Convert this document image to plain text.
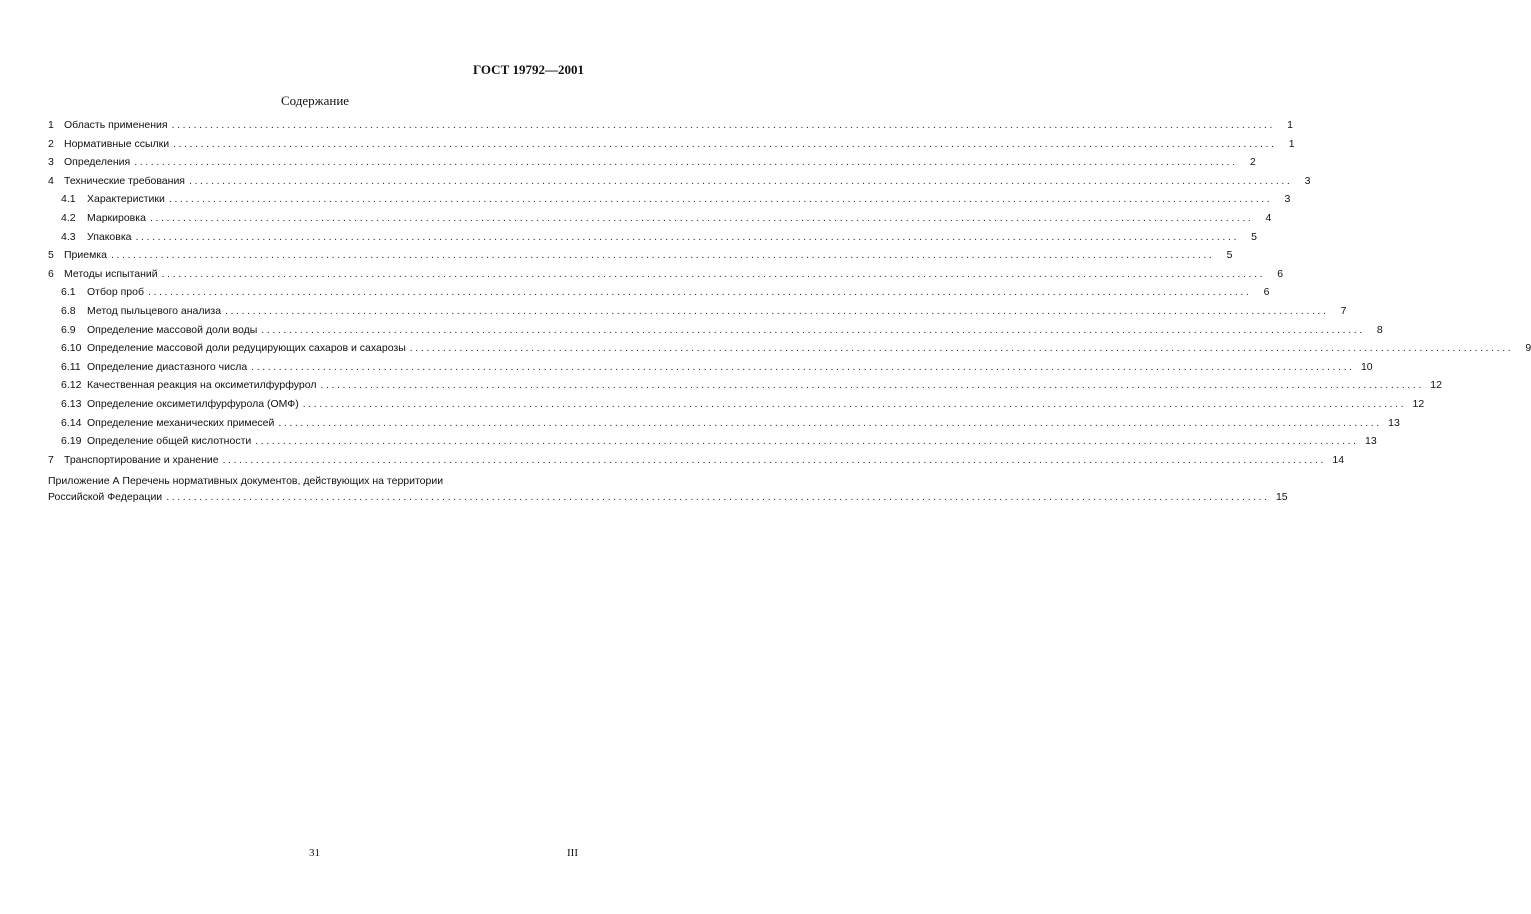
ГОСТ 19792—2001
Содержание
1 Область применения ........................................................................................................................................................................................................	1
2 Нормативные ссылки ........................................................................................................................................................................................................	1
3 Определения ........................................................................................................................................................................................................	2
4 Технические требования ........................................................................................................................................................................................................	3
4.1	Характеристики ........................................................................................................................................................................................................	3
4.2	Маркировка ........................................................................................................................................................................................................	4
4.3	Упаковка ........................................................................................................................................................................................................	5
5 Приемка ........................................................................................................................................................................................................	5
6 Методы испытаний ........................................................................................................................................................................................................	6
6.1	Отбор проб ........................................................................................................................................................................................................	6
6.8	Метод пыльцевого анализа ........................................................................................................................................................................................................	7
6.9	Определение массовой доли воды ........................................................................................................................................................................................................	8
6.10 Определение массовой доли редуцирующих сахаров и сахарозы ........................................................................................................................................................................................................	9
6.11 Определение диастазного числа ........................................................................................................................................................................................................ 10
6.12 Качественная реакция на оксиметилфурфурол ........................................................................................................................................................................................................ 12
6.13 Определение оксиметилфурфурола (ОМФ) ........................................................................................................................................................................................................ 12
6.14 Определение механических примесей ........................................................................................................................................................................................................ 13
6.19 Определение общей кислотности ........................................................................................................................................................................................................ 13
7 Транспортирование и хранение ........................................................................................................................................................................................................ 14
Приложение А Перечень нормативных документов, действующих на территории
Российской Федерации ........................................................................................................................................................................................................ 15
31	III
